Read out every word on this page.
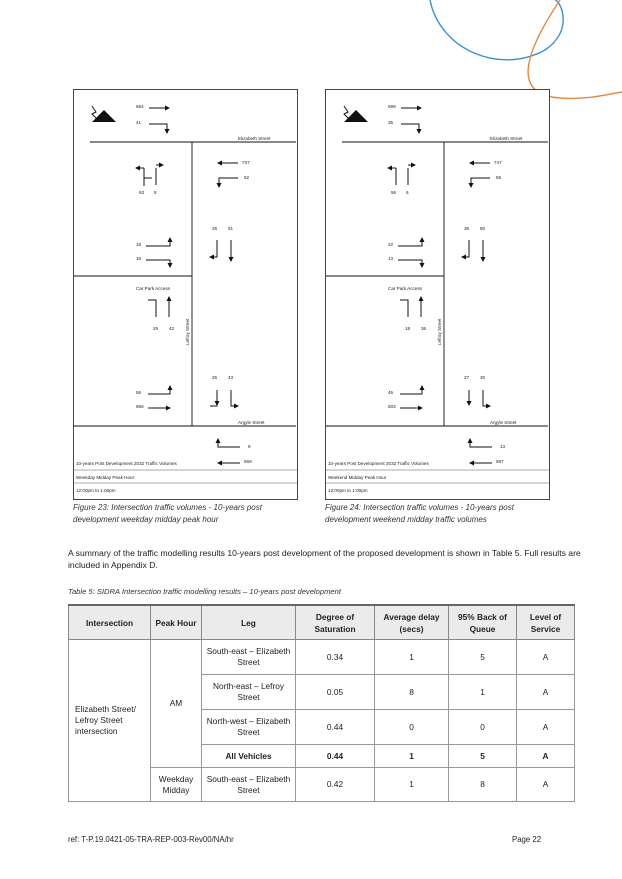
684
41
Elizabeth Street
737
52
63 5
25 61
18
16
Car Park Access
25 42 Lefroy Street
25 43
56
666
Argyle Street
9
669
10-years Post Development 2032 Traffic Volumes
Weekday Midday Peak Hour
12:00pm to 1:00pm
Figure 23: Intersection traffic volumes - 10-years post development weekday midday peak hour
699
35
Elizabeth Street
747
58
56 6
36 50
22
13
Car Park Access
18 36 Lefroy Street
27 30
45
603
Argyle Street
13
587
10-years Post Development 2032 Traffic Volumes
Weekend Midday Peak Hour
12:00pm to 1:00pm
Figure 24: Intersection traffic volumes - 10-years post development weekend midday traffic volumes
A summary of the traffic modelling results 10-years post development of the proposed development is shown in Table 5. Full results are included in Appendix D.
Table 5: SIDRA Intersection traffic modelling results – 10-years post development
Intersection	Peak Hour	Leg	Degree of Saturation	Average delay (secs)	95% Back of Queue	Level of Service
Elizabeth Street/ Lefroy Street intersection	AM	South-east – Elizabeth Street	0.34	1	5	A
		North-east – Lefroy Street	0.05	8	1	A
		North-west – Elizabeth Street	0.44	0	0	A
		All Vehicles	0.44	1	5	A
	Weekday Midday	South-east – Elizabeth Street	0.42	1	8	A
ref: T-P.19.0421-05-TRA-REP-003-Rev00/NA/hr	Page 22
